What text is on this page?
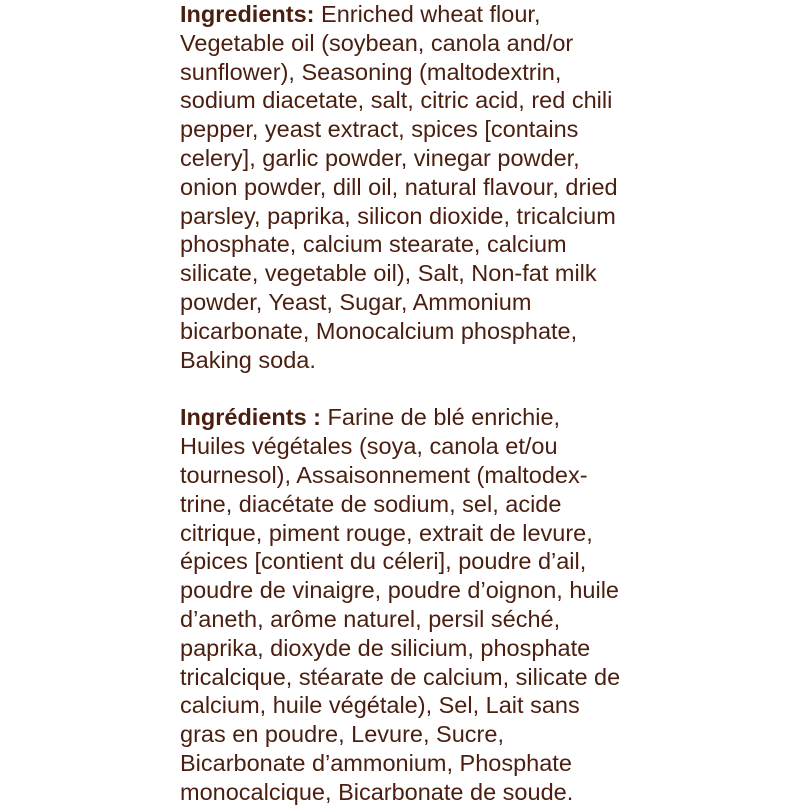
Ingredients: Enriched wheat flour,
Vegetable oil (soybean, canola and/or
sunflower), Seasoning (maltodextrin,
sodium diacetate, salt, citric acid, red chili
pepper, yeast extract, spices [contains
celery], garlic powder, vinegar powder,
onion powder, dill oil, natural flavour, dried
parsley, paprika, silicon dioxide, tricalcium
phosphate, calcium stearate, calcium
silicate, vegetable oil), Salt, Non-fat milk
powder, Yeast, Sugar, Ammonium
bicarbonate, Monocalcium phosphate,
Baking soda.
Ingrédients : Farine de blé enrichie,
Huiles végétales (soya, canola et/ou
tournesol), Assaisonnement (maltodex-
trine, diacétate de sodium, sel, acide
citrique, piment rouge, extrait de levure,
épices [contient du céleri], poudre d’ail,
poudre de vinaigre, poudre d’oignon, huile
d’aneth, arôme naturel, persil séché,
paprika, dioxyde de silicium, phosphate
tricalcique, stéarate de calcium, silicate de
calcium, huile végétale), Sel, Lait sans
gras en poudre, Levure, Sucre,
Bicarbonate d’ammonium, Phosphate
monocalcique, Bicarbonate de soude.
